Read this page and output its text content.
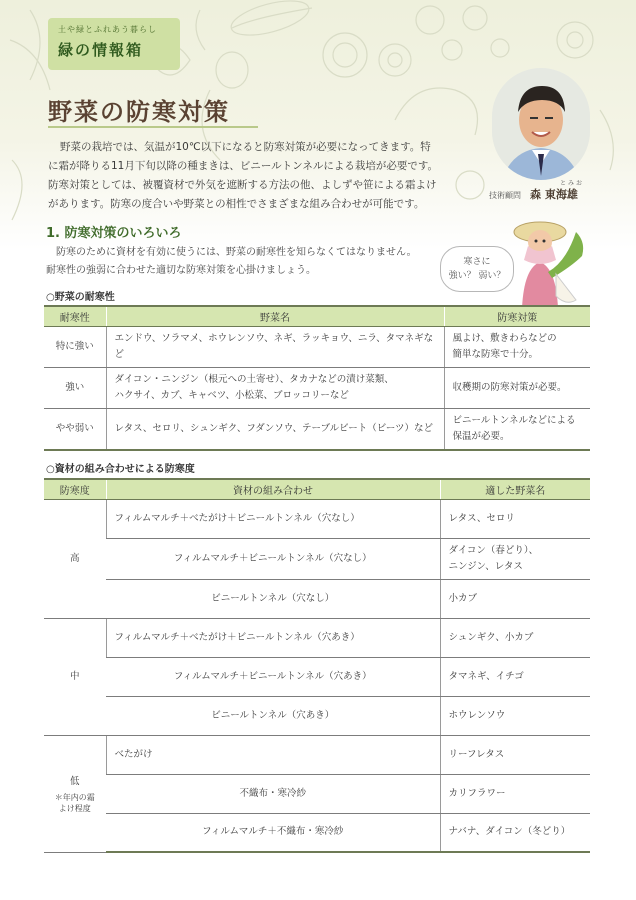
土や緑とふれあう暮らし
緑の情報箱
野菜の防寒対策
野菜の栽培では、気温が10℃以下になると防寒対策が必要になってきます。特
に霜が降りる11月下旬以降の種まきは、ビニールトンネルによる栽培が必要です。
防寒対策としては、被覆資材で外気を遮断する方法の他、よしずや笹による霜よけ
があります。防寒の度合いや野菜との相性でさまざまな組み合わせが可能です。
技術顧問
とみお
森 東海雄
1. 防寒対策のいろいろ
防寒のために資材を有効に使うには、野菜の耐寒性を知らなくてはなりません。
耐寒性の強弱に合わせた適切な防寒対策を心掛けましょう。
寒さに
強い？ 弱い？
○野菜の耐寒性
耐寒性	野菜名	防寒対策
特に強い	エンドウ、ソラマメ、ホウレンソウ、ネギ、ラッキョウ、ニラ、タマネギなど	風よけ、敷きわらなどの
簡単な防寒で十分。

強い	ダイコン・ニンジン（根元への土寄せ）、タカナなどの漬け菜類、
ハクサイ、カブ、キャベツ、小松菜、ブロッコリーなど	収穫期の防寒対策が必要。

やや弱い	レタス、セロリ、シュンギク、フダンソウ、テーブルビート（ビーツ）など	ビニールトンネルなどによる
保温が必要。
○資材の組み合わせによる防寒度
防寒度	資材の組み合わせ	適した野菜名
高	フィルムマルチ＋べたがけ＋ビニールトンネル（穴なし）	レタス、セロリ

	フィルムマルチ＋ビニールトンネル（穴なし）	ダイコン（春どり）、
ニンジン、レタス

	ビニールトンネル（穴なし）	小カブ

中	フィルムマルチ＋べたがけ＋ビニールトンネル（穴あき）	シュンギク、小カブ

	フィルムマルチ＋ビニールトンネル（穴あき）	タマネギ、イチゴ

	ビニールトンネル（穴あき）	ホウレンソウ

低
＊年内の霜
よけ程度	べたがけ	リーフレタス

	不織布・寒冷紗	カリフラワー

	フィルムマルチ＋不織布・寒冷紗	ナバナ、ダイコン（冬どり）
